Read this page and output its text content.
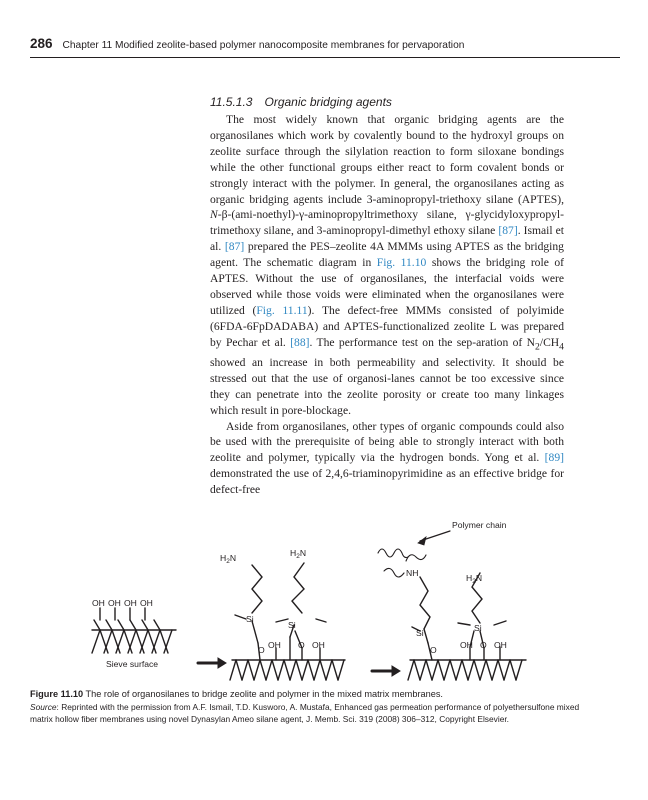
286 Chapter 11 Modified zeolite-based polymer nanocomposite membranes for pervaporation
11.5.1.3 Organic bridging agents

The most widely known that organic bridging agents are the organosilanes which work by covalently bound to the hydroxyl groups on zeolite surface through the silylation reaction to form siloxane bondings while the other functional groups either react to form covalent bonds or strongly interact with the polymer. In general, the organosilanes acting as organic bridging agents include 3-aminopropyl-triethoxy silane (APTES), N-β-(ami-noethyl)-γ-aminopropyltrimethoxy silane, γ-glycidyloxypropyl-trimethoxy silane, and 3-aminopropyl-dimethyl ethoxy silane [87]. Ismail et al. [87] prepared the PES–zeolite 4A MMMs using APTES as the bridging agent. The schematic diagram in Fig. 11.10 shows the bridging role of APTES. Without the use of organosilanes, the interfacial voids were observed while those voids were eliminated when the organosilanes were utilized (Fig. 11.11). The defect-free MMMs consisted of polyimide (6FDA-6FpDADABA) and APTES-functionalized zeolite L was prepared by Pechar et al. [88]. The performance test on the sep-aration of $N_2/CH_4$ showed an increase in both permeability and selectivity. It should be stressed out that the use of organosi-lanes cannot be too excessive since they can penetrate into the zeolite porosity or create too many linkages which result in pore-blockage.

Aside from organosilanes, other types of organic compounds could also be used with the prerequisite of being able to strongly interact with both zeolite and polymer, typically via the hydrogen bonds. Yong et al. [89] demonstrated the use of 2,4,6-triaminopyrimidine as an effective bridge for defect-free

OH OH OH OH
Sieve surface
$H_2N$	$H_2N$
Si
Si
O	O
OH	OH
NH	$H_2N$
Si	Si
O	O
OH OH
Polymer chain
Figure 11.10 The role of organosilanes to bridge zeolite and polymer in the mixed matrix membranes.
Source: Reprinted with the permission from A.F. Ismail, T.D. Kusworo, A. Mustafa, Enhanced gas permeation performance of polyethersulfone mixed matrix hollow fiber membranes using novel Dynasylan Ameo silane agent, J. Memb. Sci. 319 (2008) 306–312, Copyright Elsevier.
